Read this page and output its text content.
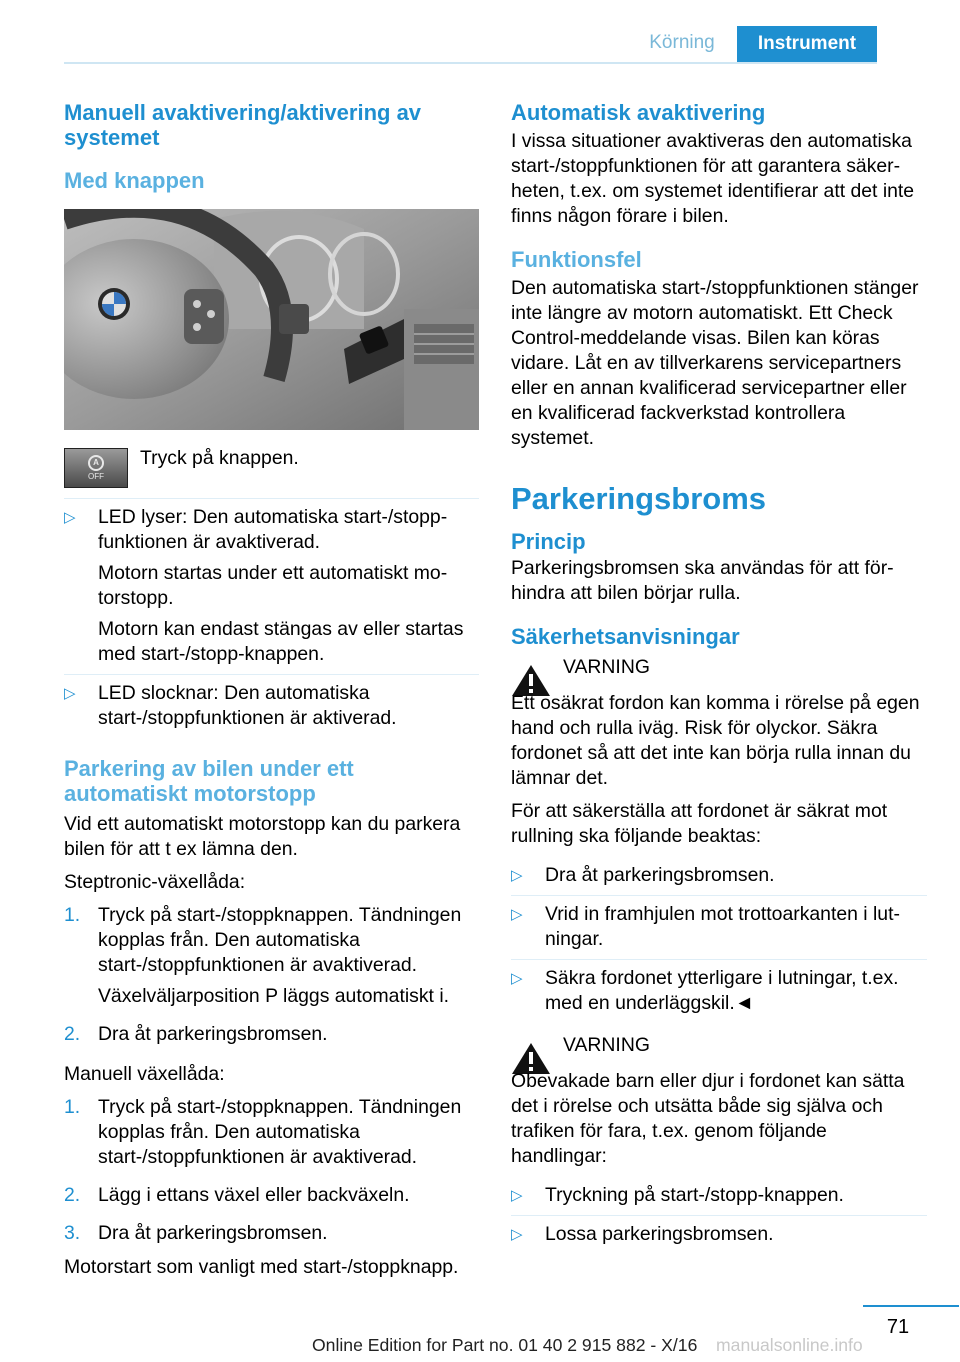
Körning	Instrument
Manuell avaktivering/aktivering av systemet
Med knappen
A
OFF

Tryck på knappen.

▷	LED lyser: Den automatiska start-/stoppfunktionen är avaktiverad.

Motorn startas under ett automatiskt motorstopp.

Motorn kan endast stängas av eller startas med start-/stopp-knappen.

▷	LED slocknar: Den automatiska start-/stoppfunktionen är aktiverad.

Parkering av bilen under ett automatiskt motorstopp

Vid ett automatiskt motorstopp kan du parkera bilen för att t ex lämna den.

Steptronic-växellåda:

1. Tryck på start-/stoppknappen. Tändningen kopplas från. Den automatiska start-/stoppfunktionen är avaktiverad.

Växelväljarposition P läggs automatiskt i.

2. Dra åt parkeringsbromsen.

Manuell växellåda:

1. Tryck på start-/stoppknappen. Tändningen kopplas från. Den automatiska start-/stoppfunktionen är avaktiverad.

2. Lägg i ettans växel eller backväxeln.

3. Dra åt parkeringsbromsen.

Motorstart som vanligt med start-/stoppknapp.

Automatisk avaktivering

I vissa situationer avaktiveras den automatiska start-/stoppfunktionen för att garantera säkerheten, t.ex. om systemet identifierar att det inte finns någon förare i bilen.

Funktionsfel

Den automatiska start-/stoppfunktionen stänger inte längre av motorn automatiskt. Ett Check Control-meddelande visas. Bilen kan köras vidare. Låt en av tillverkarens servicepartners eller en annan kvalificerad servicepartner eller en kvalificerad fackverkstad kontrollera systemet.

Parkeringsbroms
Princip

Parkeringsbromsen ska användas för att förhindra att bilen börjar rulla.

Säkerhetsanvisningar

VARNING

Ett osäkrat fordon kan komma i rörelse på egen hand och rulla iväg. Risk för olyckor. Säkra fordonet så att det inte kan börja rulla innan du lämnar det.

För att säkerställa att fordonet är säkrat mot rullning ska följande beaktas:

▷	Dra åt parkeringsbromsen.

▷	Vrid in framhjulen mot trottoarkanten i lutningar.

▷	Säkra fordonet ytterligare i lutningar, t.ex. med en underläggskil.◄

VARNING

Obevakade barn eller djur i fordonet kan sätta det i rörelse och utsätta både sig själva och trafiken för fara, t.ex. genom följande handlingar:

▷	Tryckning på start-/stopp-knappen.

▷	Lossa parkeringsbromsen.

71
Online Edition for Part no. 01 40 2 915 882 - X/16	manualsonline.info
